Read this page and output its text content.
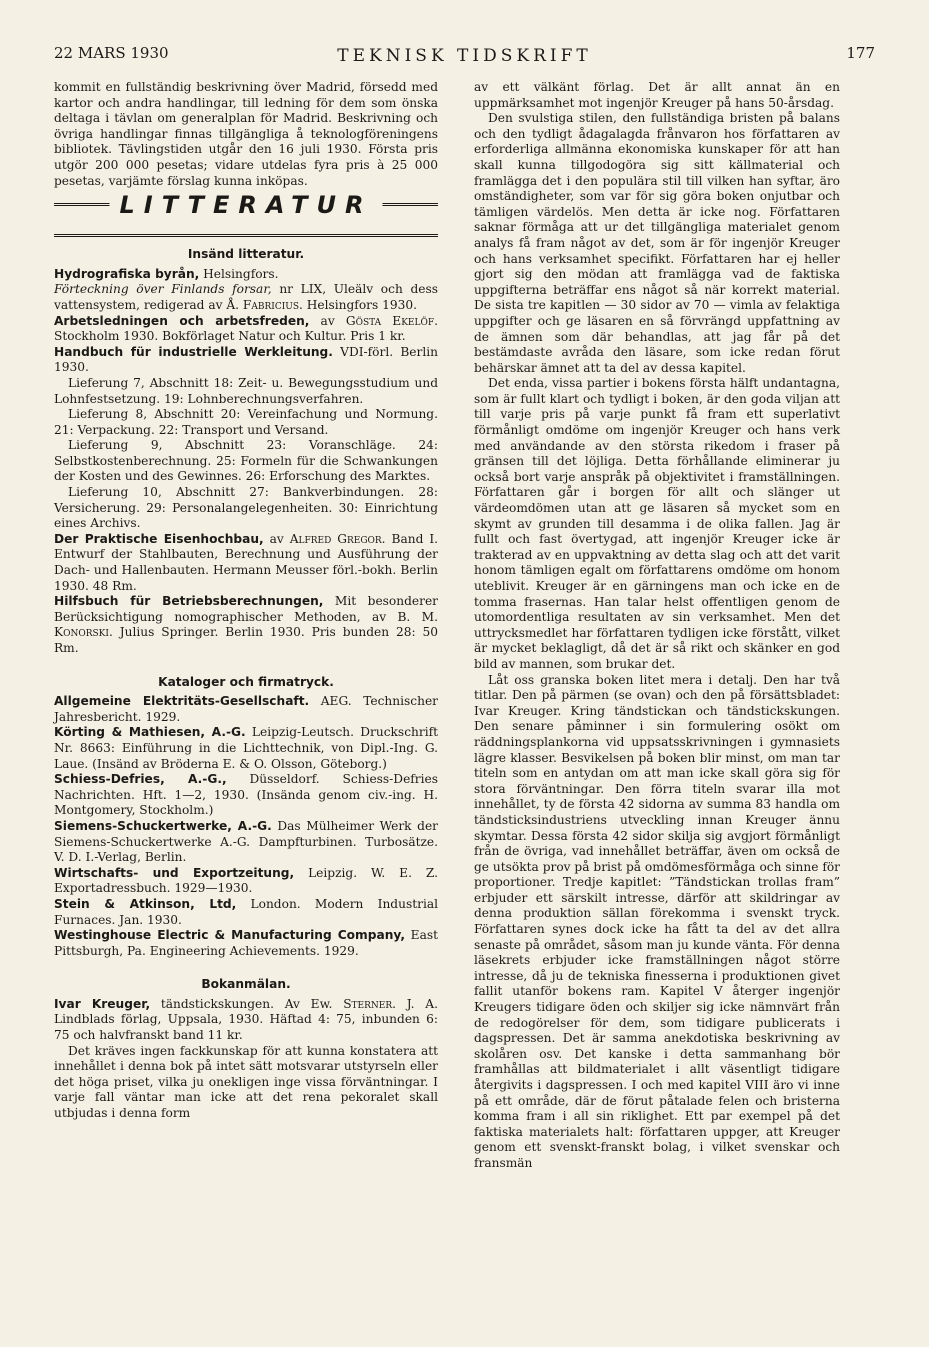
22 MARS 1930	TEKNISK TIDSKRIFT	177

kommit en fullständig beskrivning över Madrid, försedd med kartor och andra handlingar, till ledning för dem som önska deltaga i tävlan om generalplan för Madrid. Beskrivning och övriga handlingar finnas tillgängliga å teknologföreningens bibliotek. Tävlingstiden utgår den 16 juli 1930. Första pris utgör 200 000 pesetas; vidare utdelas fyra pris à 25 000 pesetas, varjämte förslag kunna inköpas.

LITTERATUR
Insänd litteratur.
Hydrografiska byrån, Helsingfors.
Förteckning över Finlands forsar, nr LIX, Uleälv och dess vattensystem, redigerad av Å. Fabricius. Helsingfors 1930.
Arbetsledningen och arbetsfreden, av Gösta Ekelöf. Stockholm 1930. Bokförlaget Natur och Kultur. Pris 1 kr.
Handbuch für industrielle Werkleitung. VDI-förl. Berlin 1930.

Lieferung 7, Abschnitt 18: Zeit- u. Bewegungsstudium und Lohnfestsetzung. 19: Lohnberechnungsverfahren.

Lieferung 8, Abschnitt 20: Vereinfachung und Normung. 21: Verpackung. 22: Transport und Versand.

Lieferung 9, Abschnitt 23: Voranschläge. 24: Selbstkostenberechnung. 25: Formeln für die Schwankungen der Kosten und des Gewinnes. 26: Erforschung des Marktes.

Lieferung 10, Abschnitt 27: Bankverbindungen. 28: Versicherung. 29: Personalangelegenheiten. 30: Einrichtung eines Archivs.

Der Praktische Eisenhochbau, av Alfred Gregor. Band I. Entwurf der Stahlbauten, Berechnung und Ausführung der Dach- und Hallenbauten. Hermann Meusser förl.-bokh. Berlin 1930. 48 Rm.
Hilfsbuch für Betriebsberechnungen, Mit besonderer Berücksichtigung nomographischer Methoden, av B. M. Konorski. Julius Springer. Berlin 1930. Pris bunden 28: 50 Rm.
Kataloger och firmatryck.
Allgemeine Elektritäts-Gesellschaft. AEG. Technischer Jahresbericht. 1929.
Körting & Mathiesen, A.-G. Leipzig-Leutsch. Druckschrift Nr. 8663: Einführung in die Lichttechnik, von Dipl.-Ing. G. Laue. (Insänd av Bröderna E. & O. Olsson, Göteborg.)
Schiess-Defries, A.-G., Düsseldorf. Schiess-Defries Nachrichten. Hft. 1—2, 1930. (Insända genom civ.-ing. H. Montgomery, Stockholm.)
Siemens-Schuckertwerke, A.-G. Das Mülheimer Werk der Siemens-Schuckertwerke A.-G. Dampfturbinen. Turbosätze. V. D. I.-Verlag, Berlin.
Wirtschafts- und Exportzeitung, Leipzig. W. E. Z. Exportadressbuch. 1929—1930.
Stein & Atkinson, Ltd, London. Modern Industrial Furnaces. Jan. 1930.
Westinghouse Electric & Manufacturing Company, East Pittsburgh, Pa. Engineering Achievements. 1929.
Bokanmälan.
Ivar Kreuger, tändstickskungen. Av Ew. Sterner. J. A. Lindblads förlag, Uppsala, 1930. Häftad 4: 75, inbunden 6: 75 och halvfranskt band 11 kr.

Det kräves ingen fackkunskap för att kunna konstatera att innehållet i denna bok på intet sätt motsvarar utstyrseln eller det höga priset, vilka ju onekligen inge vissa förväntningar. I varje fall väntar man icke att det rena pekoralet skall utbjudas i denna form

av ett välkänt förlag. Det är allt annat än en uppmärksamhet mot ingenjör Kreuger på hans 50-årsdag.

Den svulstiga stilen, den fullständiga bristen på balans och den tydligt ådagalagda frånvaron hos författaren av erforderliga allmänna ekonomiska kunskaper för att han skall kunna tillgodogöra sig sitt källmaterial och framlägga det i den populära stil till vilken han syftar, äro omständigheter, som var för sig göra boken onjutbar och tämligen värdelös. Men detta är icke nog. Författaren saknar förmåga att ur det tillgängliga materialet genom analys få fram något av det, som är för ingenjör Kreuger och hans verksamhet specifikt. Författaren har ej heller gjort sig den mödan att framlägga vad de faktiska uppgifterna beträffar ens något så när korrekt material. De sista tre kapitlen — 30 sidor av 70 — vimla av felaktiga uppgifter och ge läsaren en så förvrängd uppfattning av de ämnen som där behandlas, att jag får på det bestämdaste avråda den läsare, som icke redan förut behärskar ämnet att ta del av dessa kapitel.

Det enda, vissa partier i bokens första hälft undantagna, som är fullt klart och tydligt i boken, är den goda viljan att till varje pris på varje punkt få fram ett superlativt förmånligt omdöme om ingenjör Kreuger och hans verk med användande av den största rikedom i fraser på gränsen till det löjliga. Detta förhållande eliminerar ju också bort varje anspråk på objektivitet i framställningen. Författaren går i borgen för allt och slänger ut värdeomdömen utan att ge läsaren så mycket som en skymt av grunden till desamma i de olika fallen. Jag är fullt och fast övertygad, att ingenjör Kreuger icke är trakterad av en uppvaktning av detta slag och att det varit honom tämligen egalt om författarens omdöme om honom uteblivit. Kreuger är en gärningens man och icke en de tomma frasernas. Han talar helst offentligen genom de utomordentliga resultaten av sin verksamhet. Men det uttrycksmedlet har författaren tydligen icke förstått, vilket är mycket beklagligt, då det är så rikt och skänker en god bild av mannen, som brukar det.

Låt oss granska boken litet mera i detalj. Den har två titlar. Den på pärmen (se ovan) och den på försättsbladet: Ivar Kreuger. Kring tändstickan och tändstickskungen. Den senare påminner i sin formulering osökt om räddningsplankorna vid uppsatsskrivningen i gymnasiets lägre klasser. Besvikelsen på boken blir minst, om man tar titeln som en antydan om att man icke skall göra sig för stora förväntningar. Den förra titeln svarar illa mot innehållet, ty de första 42 sidorna av summa 83 handla om tändsticksindustriens utveckling innan Kreuger ännu skymtar. Dessa första 42 sidor skilja sig avgjort förmånligt från de övriga, vad innehållet beträffar, även om också de ge utsökta prov på brist på omdömesförmåga och sinne för proportioner. Tredje kapitlet: ”Tändstickan trollas fram” erbjuder ett särskilt intresse, därför att skildringar av denna produktion sällan förekomma i svenskt tryck. Författaren synes dock icke ha fått ta del av det allra senaste på området, såsom man ju kunde vänta. För denna läsekrets erbjuder icke framställningen något större intresse, då ju de tekniska finesserna i produktionen givet fallit utanför bokens ram. Kapitel V återger ingenjör Kreugers tidigare öden och skiljer sig icke nämnvärt från de redogörelser för dem, som tidigare publicerats i dagspressen. Det är samma anekdotiska beskrivning av skolåren osv. Det kanske i detta sammanhang bör framhållas att bildmaterialet i allt väsentligt tidigare återgivits i dagspressen. I och med kapitel VIII äro vi inne på ett område, där de förut påtalade felen och bristerna komma fram i all sin riklighet. Ett par exempel på det faktiska materialets halt: författaren uppger, att Kreuger genom ett svenskt-franskt bolag, i vilket svenskar och fransmän
